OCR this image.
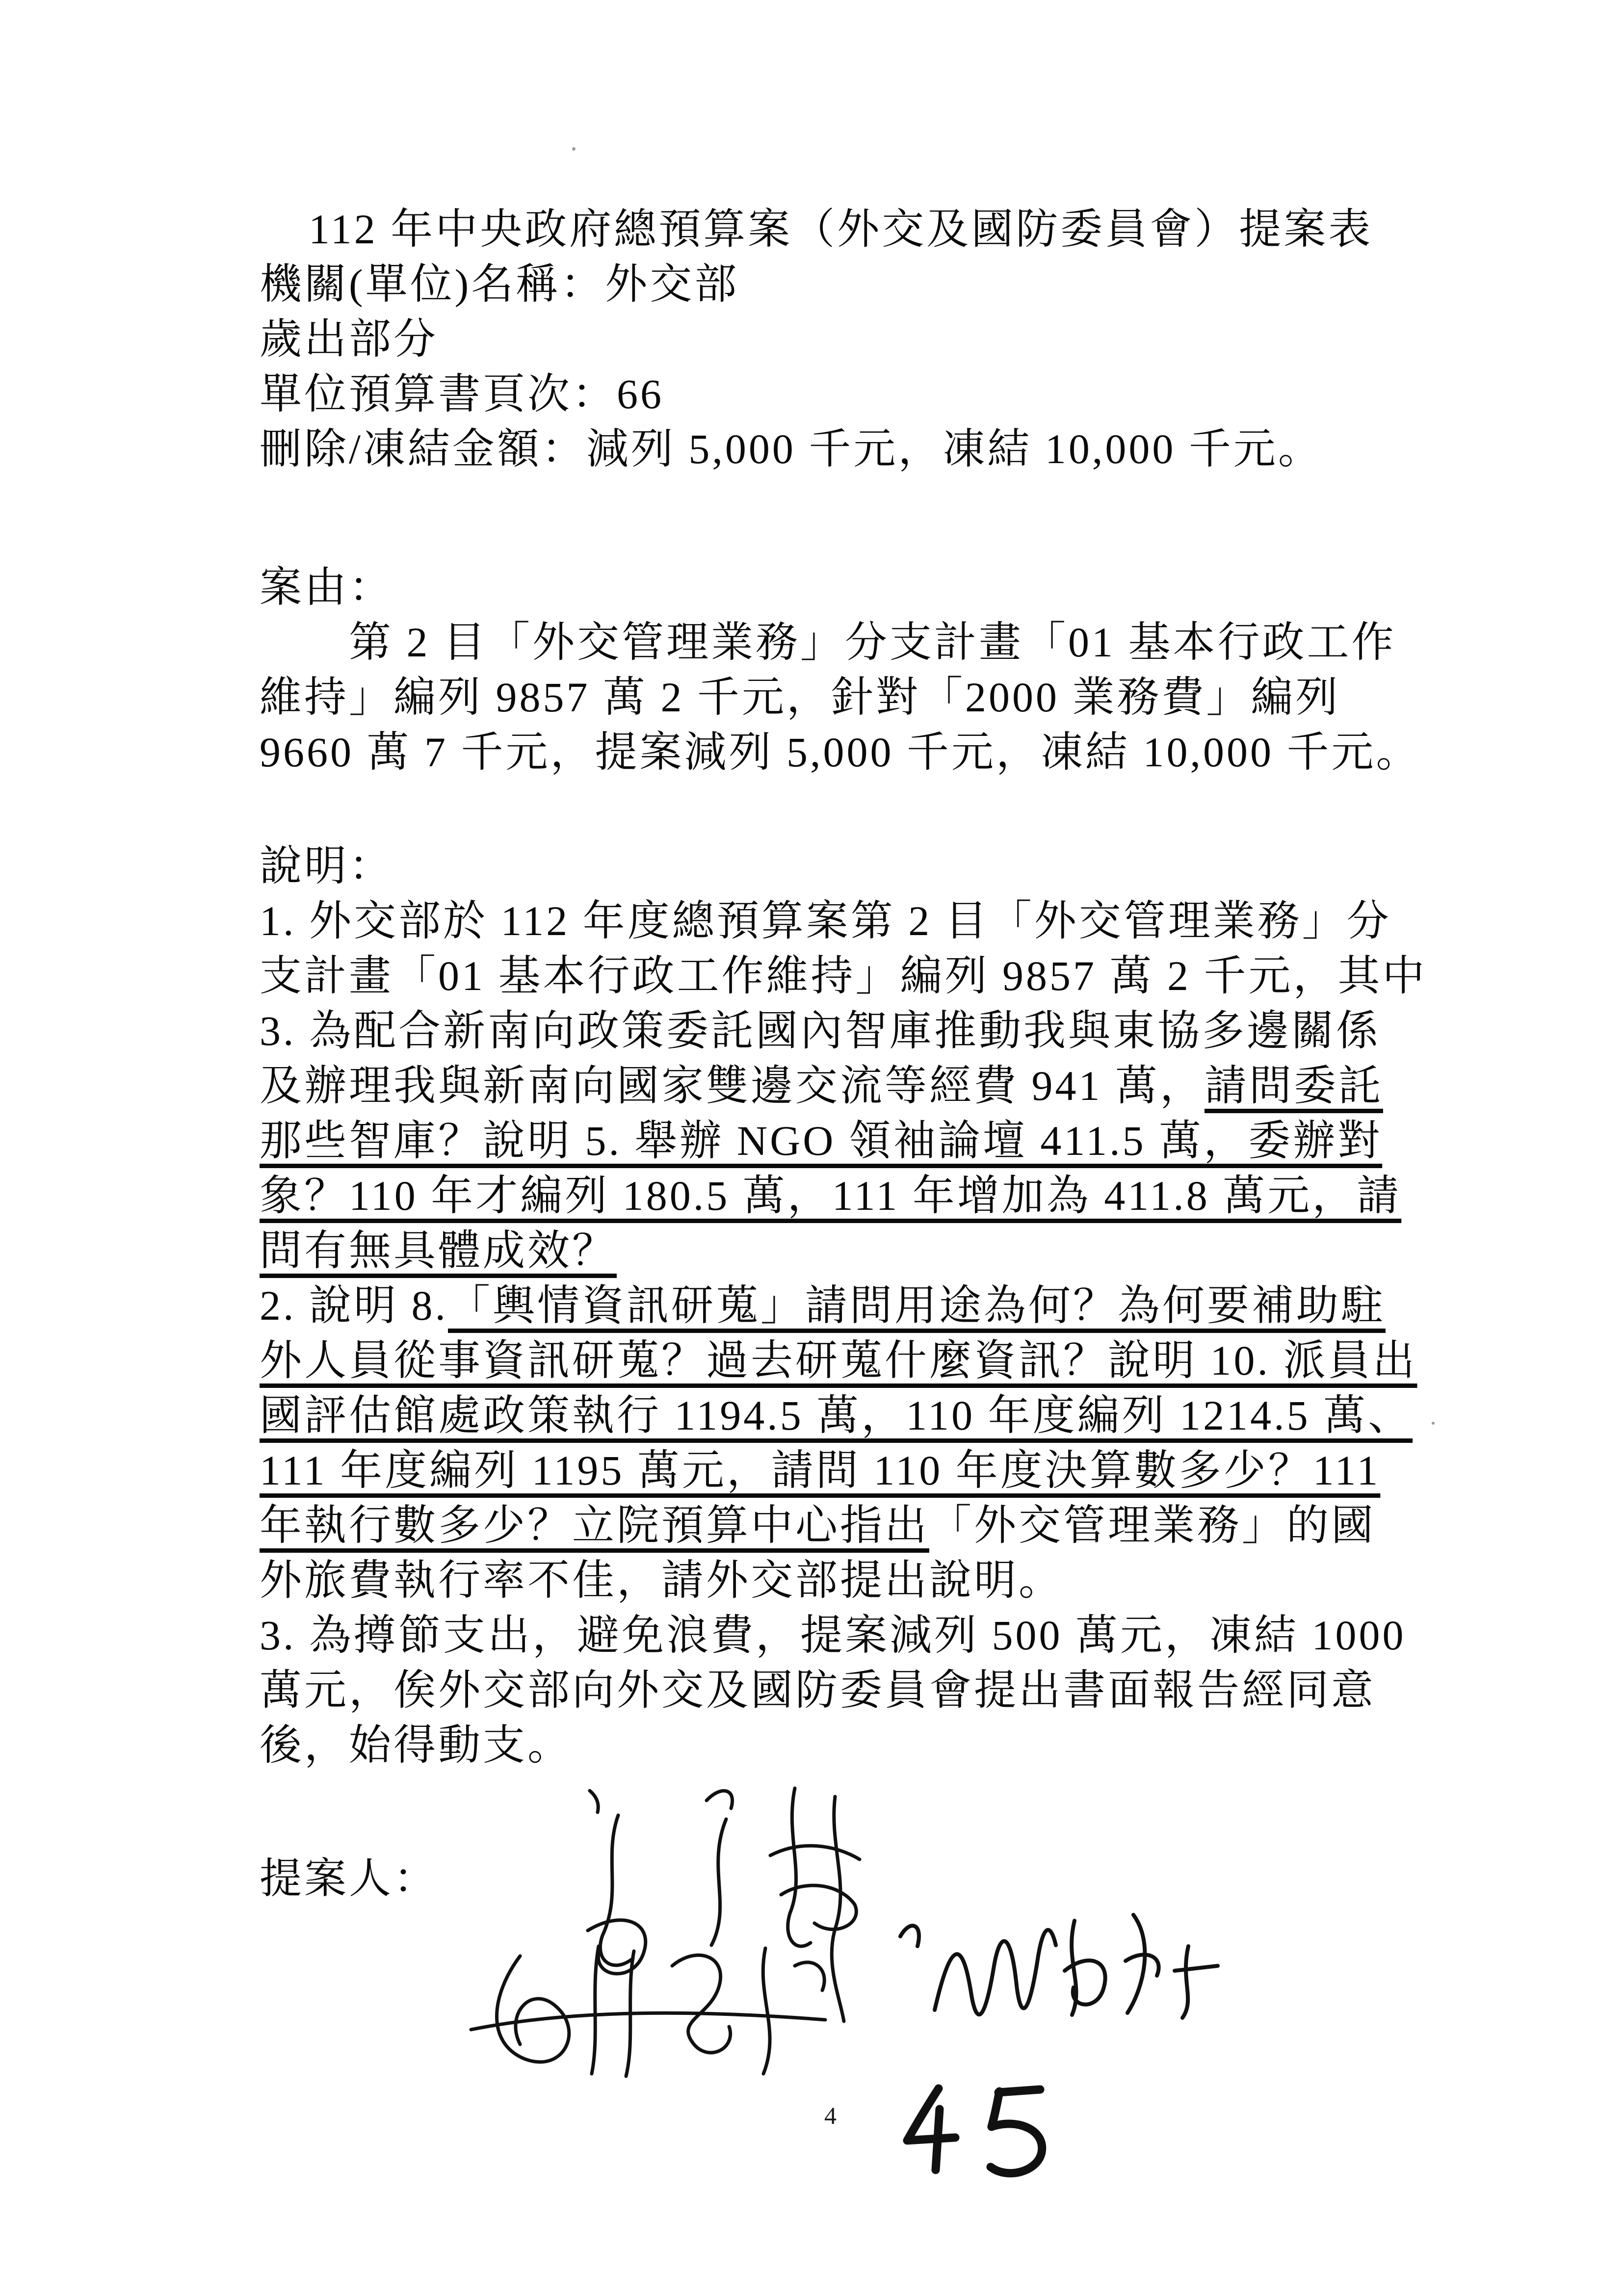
112 年中央政府總預算案（外交及國防委員會）提案表
機關(單位)名稱：外交部
歲出部分
單位預算書頁次：66
刪除/凍結金額：減列 5,000 千元，凍結 10,000 千元。
案由：
第 2 目「外交管理業務」分支計畫「01 基本行政工作
維持」編列 9857 萬 2 千元，針對「2000 業務費」編列
9660 萬 7 千元，提案減列 5,000 千元，凍結 10,000 千元。
說明：
1. 外交部於 112 年度總預算案第 2 目「外交管理業務」分
支計畫「01 基本行政工作維持」編列 9857 萬 2 千元，其中
3. 為配合新南向政策委託國內智庫推動我與東協多邊關係
及辦理我與新南向國家雙邊交流等經費 941 萬，請問委託
那些智庫？說明 5. 舉辦 NGO 領袖論壇 411.5 萬，委辦對
象？110 年才編列 180.5 萬，111 年增加為 411.8 萬元，請
問有無具體成效？
2. 說明 8.「輿情資訊研蒐」請問用途為何？為何要補助駐
外人員從事資訊研蒐？過去研蒐什麼資訊？說明 10. 派員出
國評估館處政策執行 1194.5 萬，110 年度編列 1214.5 萬、
111 年度編列 1195 萬元，請問 110 年度決算數多少？111
年執行數多少？立院預算中心指出「外交管理業務」的國
外旅費執行率不佳，請外交部提出說明。
3. 為撙節支出，避免浪費，提案減列 500 萬元，凍結 1000
萬元，俟外交部向外交及國防委員會提出書面報告經同意
後，始得動支。
提案人：
4
